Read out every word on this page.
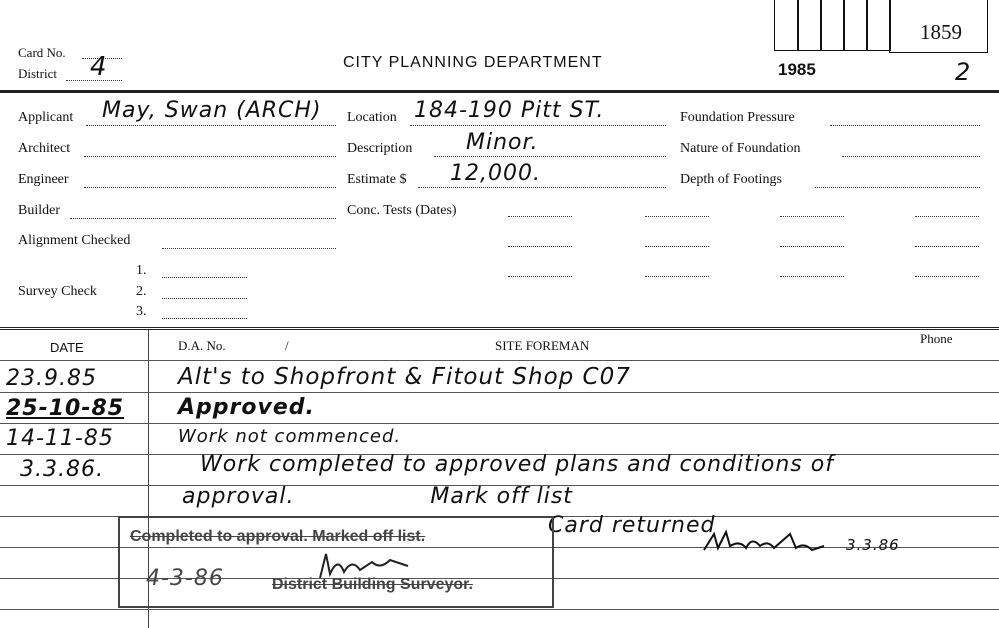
Card No.
District 4	CITY PLANNING DEPARTMENT
1859
1985	2
Applicant May, Swan (ARCH)
Architect
Engineer
Builder
Alignment Checked
1.
Survey Check	2.
3.
Location 184-190 Pitt ST.
Description Minor.
Estimate $ 12,000.
Conc. Tests (Dates)
Foundation Pressure
Nature of Foundation
Depth of Footings
DATE	D.A. No.	/	SITE FOREMAN	Phone
23.9.85	Alt's to Shopfront & Fitout Shop C07
25-10-85 Approved.
14-11-85	Work not commenced.
3.3.86.	Work completed to approved plans and conditions of
approval.                 Mark off list
Card returned
3.3.86
Completed to approval. Marked off list.
4-3-86	District Building Surveyor.
